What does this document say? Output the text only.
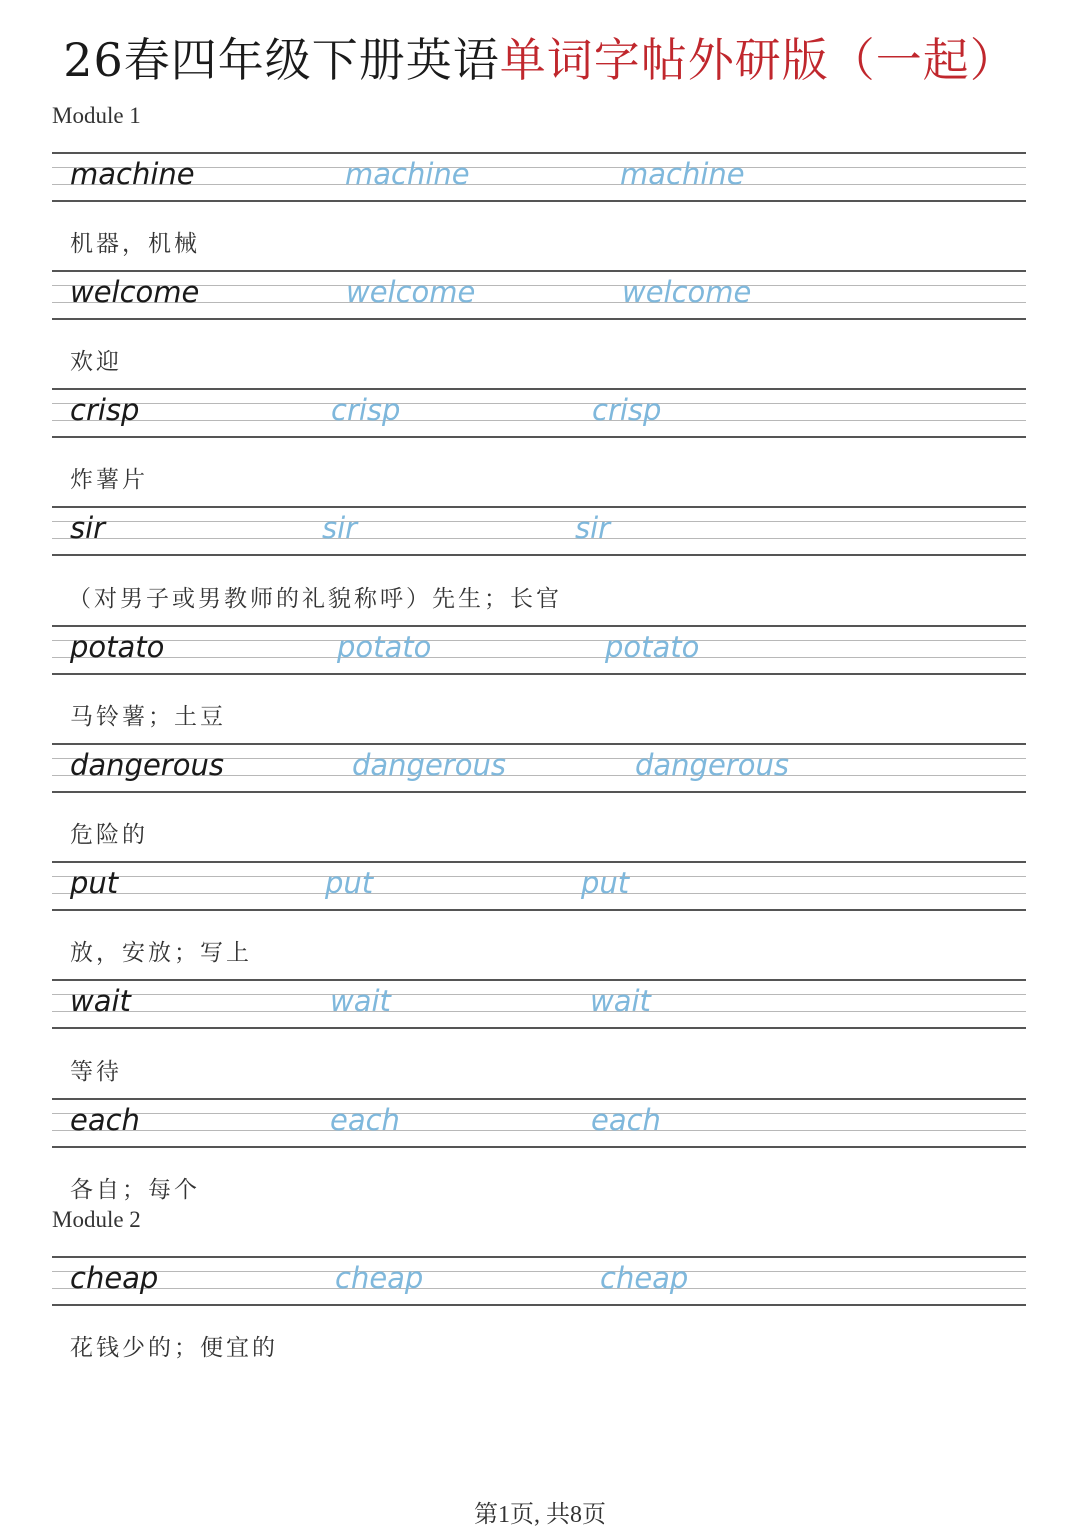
26春四年级下册英语单词字帖外研版（一起）
Module 1
machine	machine	machine
机器，机械
welcome	welcome	welcome
欢迎
crisp	crisp	crisp
炸薯片
sir	sir	sir
（对男子或男教师的礼貌称呼）先生；长官
potato	potato	potato
马铃薯；土豆
dangerous	dangerous	dangerous
危险的
put	put	put
放，安放；写上
wait	wait	wait
等待
each	each	each
各自；每个
Module 2
cheap	cheap	cheap
花钱少的；便宜的
第1页, 共8页
